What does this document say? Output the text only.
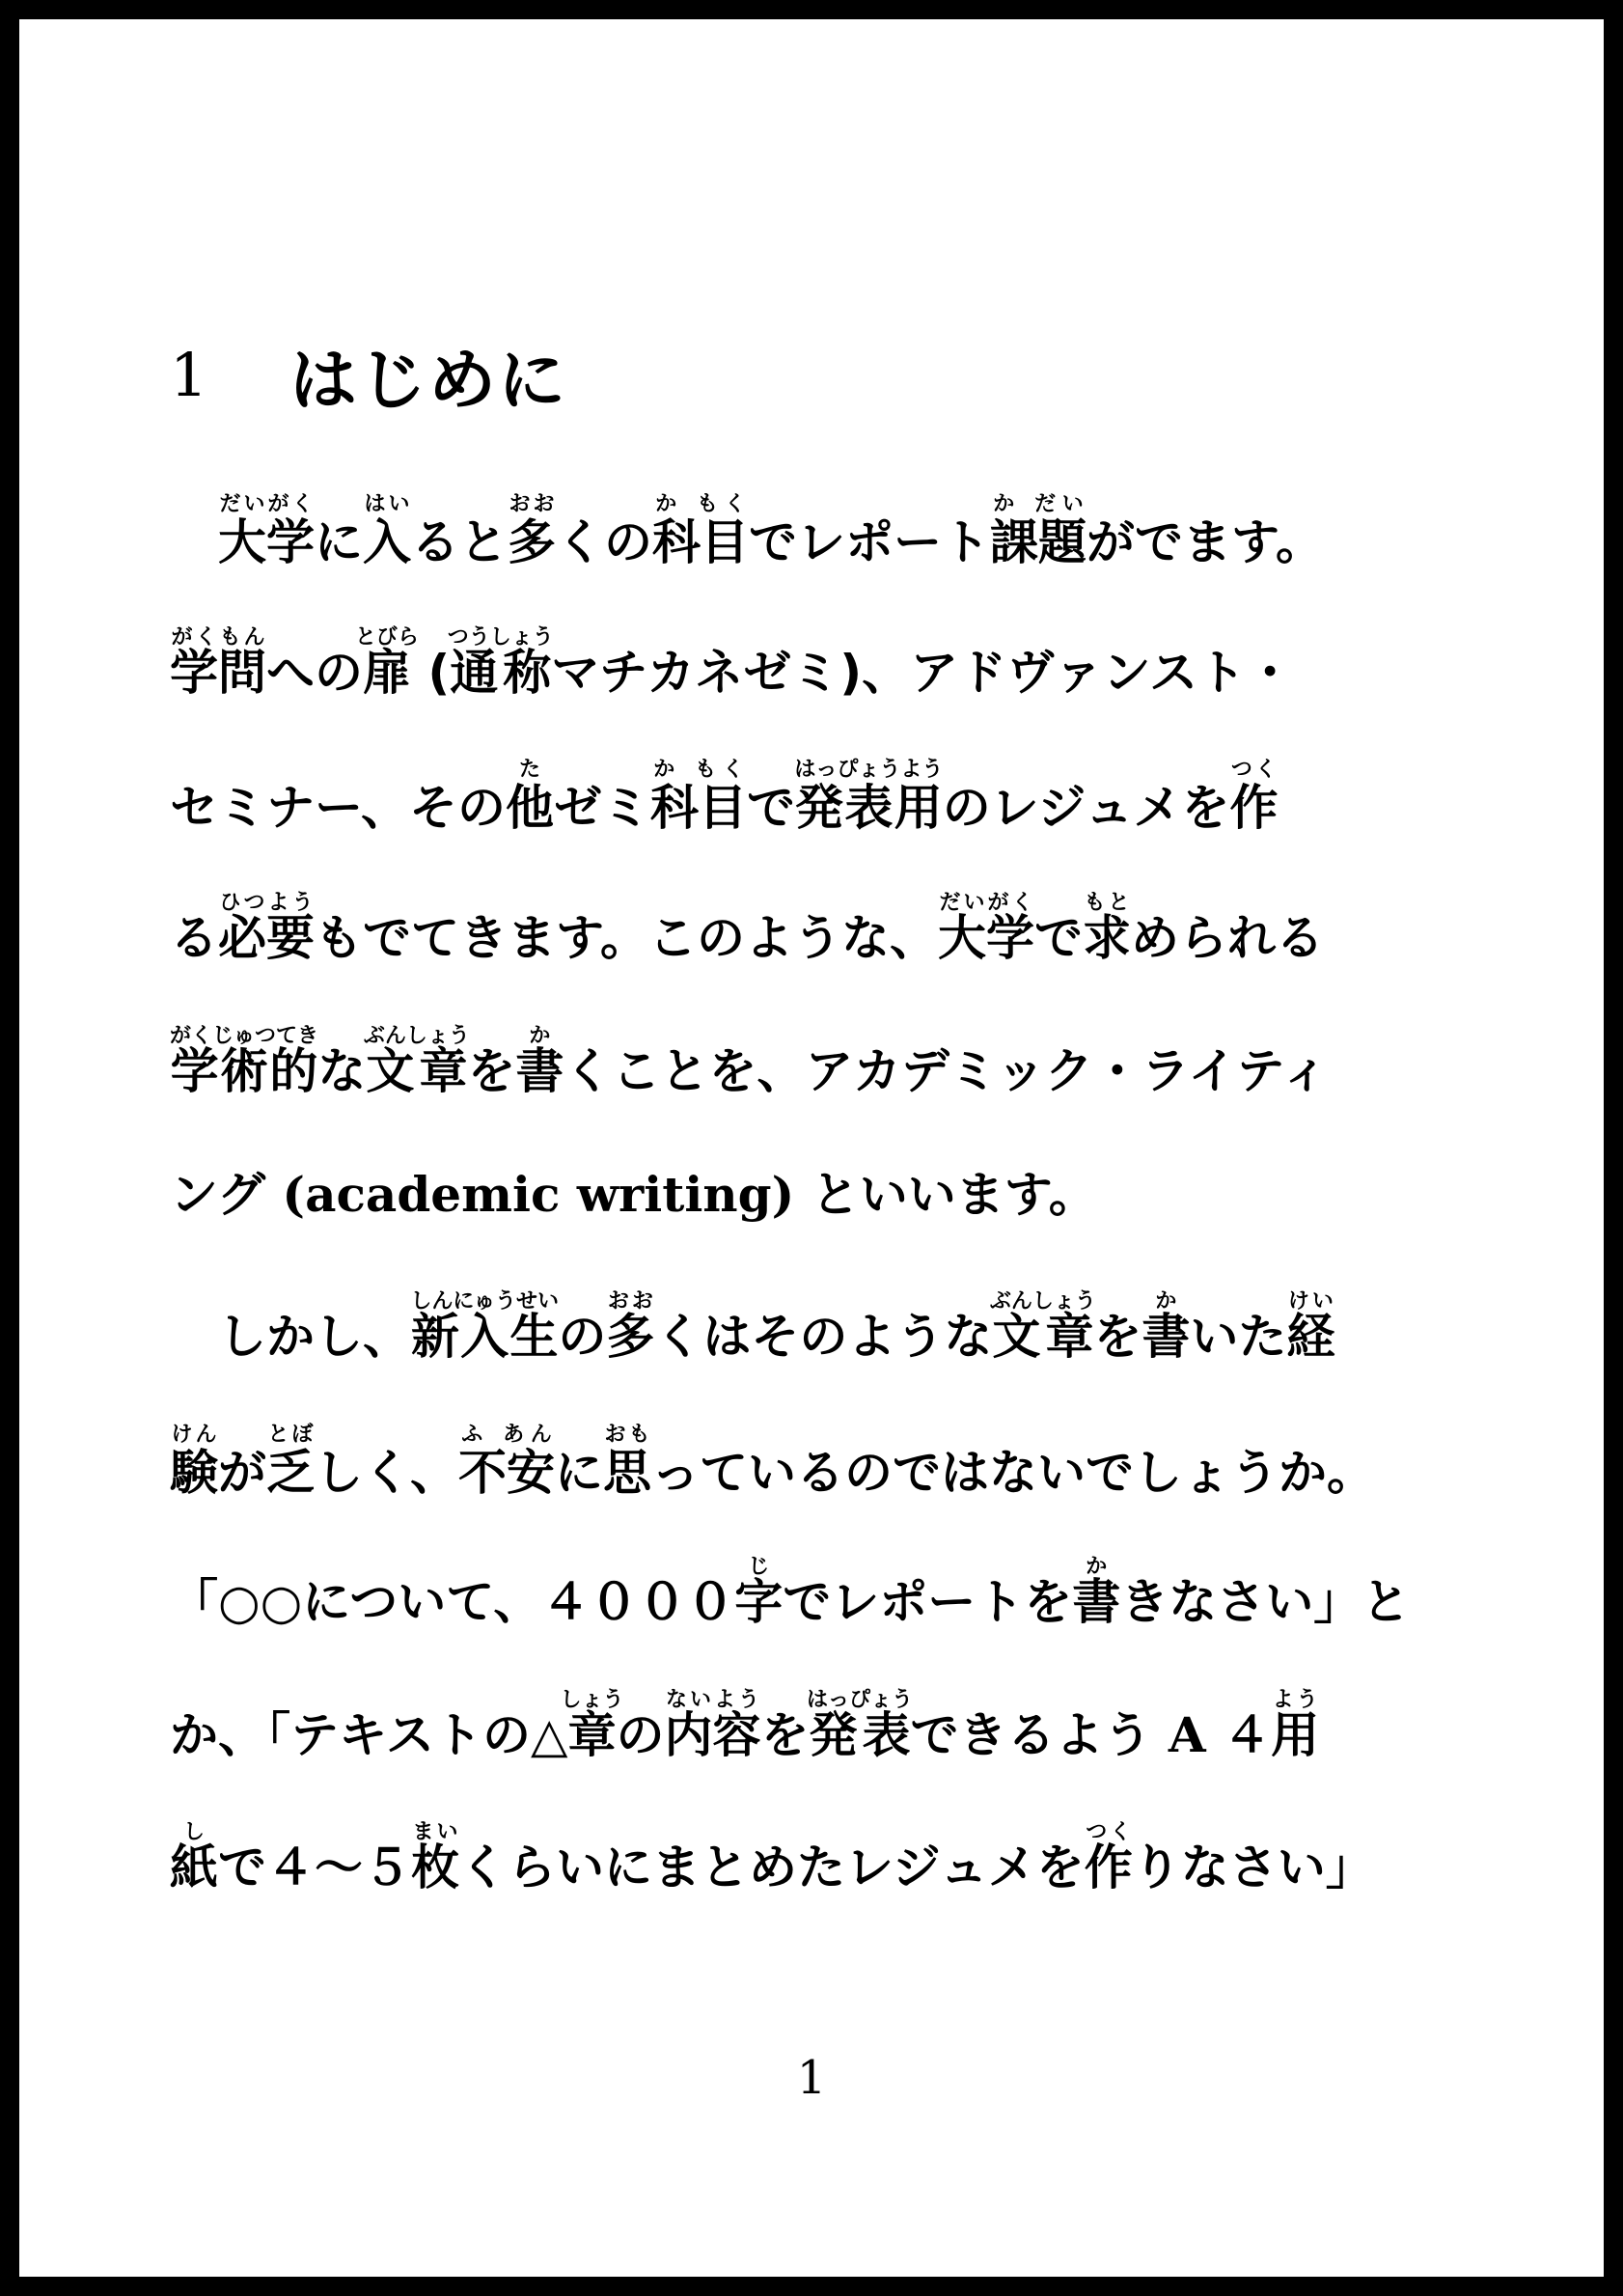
1	はじめに
大学だいがくに入はいると多おおくの科目か もくでレポート課題か だいがでます。
学問がくもんへの扉とびら (通称つうしょうマチカネゼミ)、アドヴァンスト・
セミナー、その他たゼミ科目か もくで発表用はっぴょうようのレジュメを作つく
る必要ひつようもでてきます。このような、大学だいがくで求もとめられる
学術的がくじゅつてきな文章ぶんしょうを書かくことを、アカデミック・ライティ
ング (academic writing) といいます。
しかし、新入生しんにゅうせいの多おおくはそのような文章ぶんしょうを書かいた経けい
験けんが乏とぼしく、不安ふ あんに思おもっているのではないでしょうか。
「○○について、４０００字じでレポートを書かきなさい」と
か、「テキストの△章しょうの内容ないようを発表はっぴょうできるよう A ４用よう
紙しで４～５枚まいくらいにまとめたレジュメを作つくりなさい」
1
